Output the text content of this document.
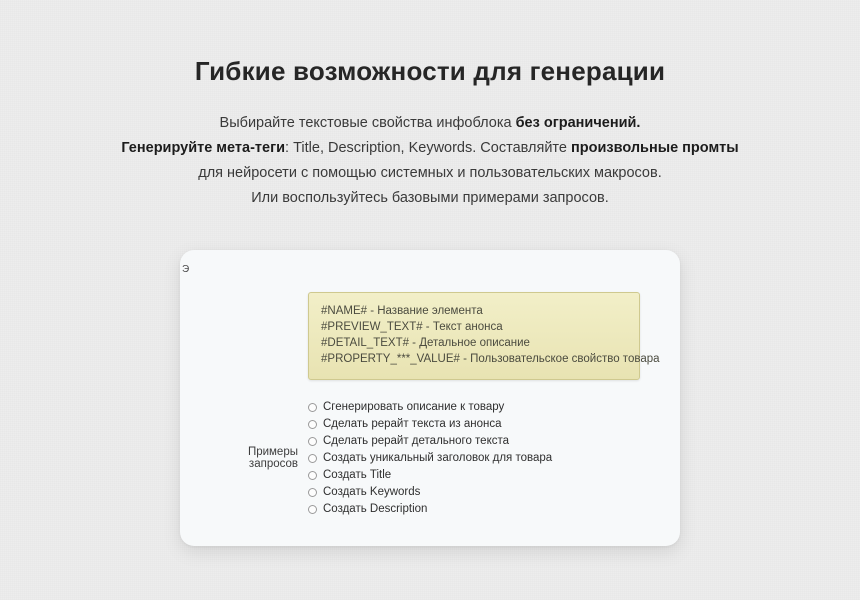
Гибкие возможности для генерации
Выбирайте текстовые свойства инфоблока без ограничений.
Генерируйте мета-теги: Title, Description, Keywords. Составляйте произвольные промты
для нейросети с помощью системных и пользовательских макросов.
Или воспользуйтесь базовыми примерами запросов.
Э
#NAME# - Название элемента
#PREVIEW_TEXT# - Текст анонса
#DETAIL_TEXT# - Детальное описание
#PROPERTY_***_VALUE# - Пользовательское свойство товара
Примеры запросов
Сгенерировать описание к товару
Сделать рерайт текста из анонса
Сделать рерайт детального текста
Создать уникальный заголовок для товара
Создать Title
Создать Keywords
Создать Description
